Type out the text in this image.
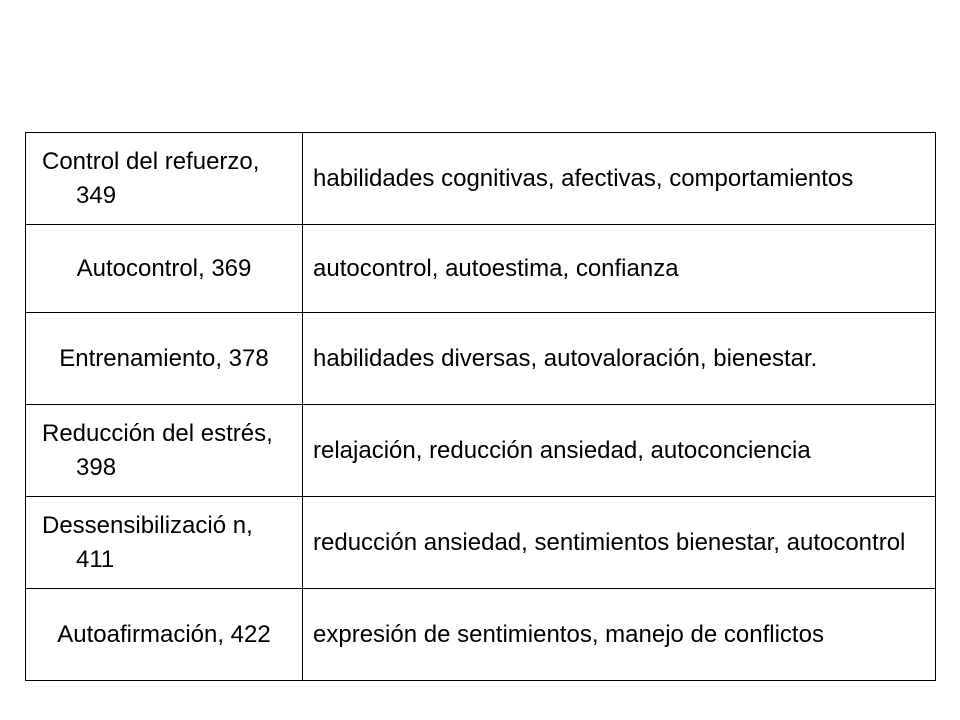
Control del refuerzo, 349	habilidades cognitivas, afectivas, comportamientos

Autocontrol, 369	autocontrol, autoestima, confianza

Entrenamiento, 378	habilidades diversas, autovaloración, bienestar.

Reducción del estrés, 398	relajación, reducción ansiedad, autoconciencia

Dessensibilizació n, 411	reducción ansiedad, sentimientos bienestar, autocontrol

Autoafirmación, 422	expresión de sentimientos, manejo de conflictos
